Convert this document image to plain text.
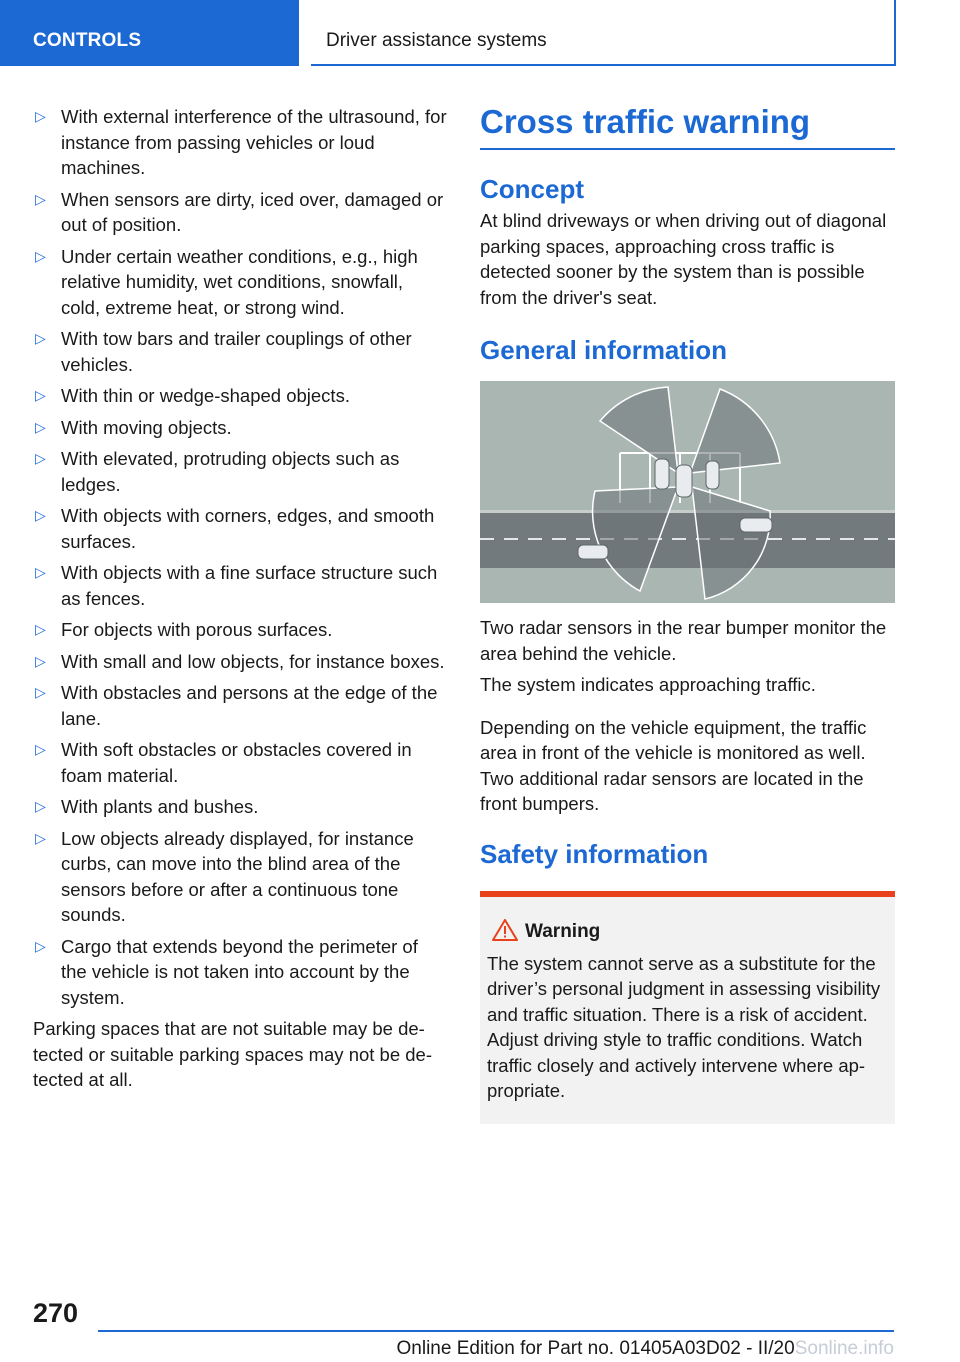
CONTROLS	Driver assistance systems
▷ With external interference of the ultrasound, for instance from passing vehicles or loud machines.
▷ When sensors are dirty, iced over, damaged or out of position.
▷ Under certain weather conditions, e.g., high relative humidity, wet conditions, snowfall, cold, extreme heat, or strong wind.
▷ With tow bars and trailer couplings of other vehicles.
▷ With thin or wedge-shaped objects.
▷ With moving objects.
▷ With elevated, protruding objects such as ledges.
▷ With objects with corners, edges, and smooth surfaces.
▷ With objects with a fine surface structure such as fences.
▷ For objects with porous surfaces.
▷ With small and low objects, for instance boxes.
▷ With obstacles and persons at the edge of the lane.
▷ With soft obstacles or obstacles covered in foam material.
▷ With plants and bushes.
▷ Low objects already displayed, for instance curbs, can move into the blind area of the sensors before or after a continuous tone sounds.
▷ Cargo that extends beyond the perimeter of the vehicle is not taken into account by the system.

Parking spaces that are not suitable may be detected or suitable parking spaces may not be detected at all.

Cross traffic warning
Concept

At blind driveways or when driving out of diagonal parking spaces, approaching cross traffic is detected sooner by the system than is possible from the driver's seat.

General information

Two radar sensors in the rear bumper monitor the area behind the vehicle.

The system indicates approaching traffic.

Depending on the vehicle equipment, the traffic area in front of the vehicle is monitored as well. Two additional radar sensors are located in the front bumpers.

Safety information

Warning

The system cannot serve as a substitute for the driver’s personal judgment in assessing visibility and traffic situation. There is a risk of accident. Adjust driving style to traffic conditions. Watch traffic closely and actively intervene where appropriate.

270
Online Edition for Part no. 01405A03D02 - II/20Sonline.info
